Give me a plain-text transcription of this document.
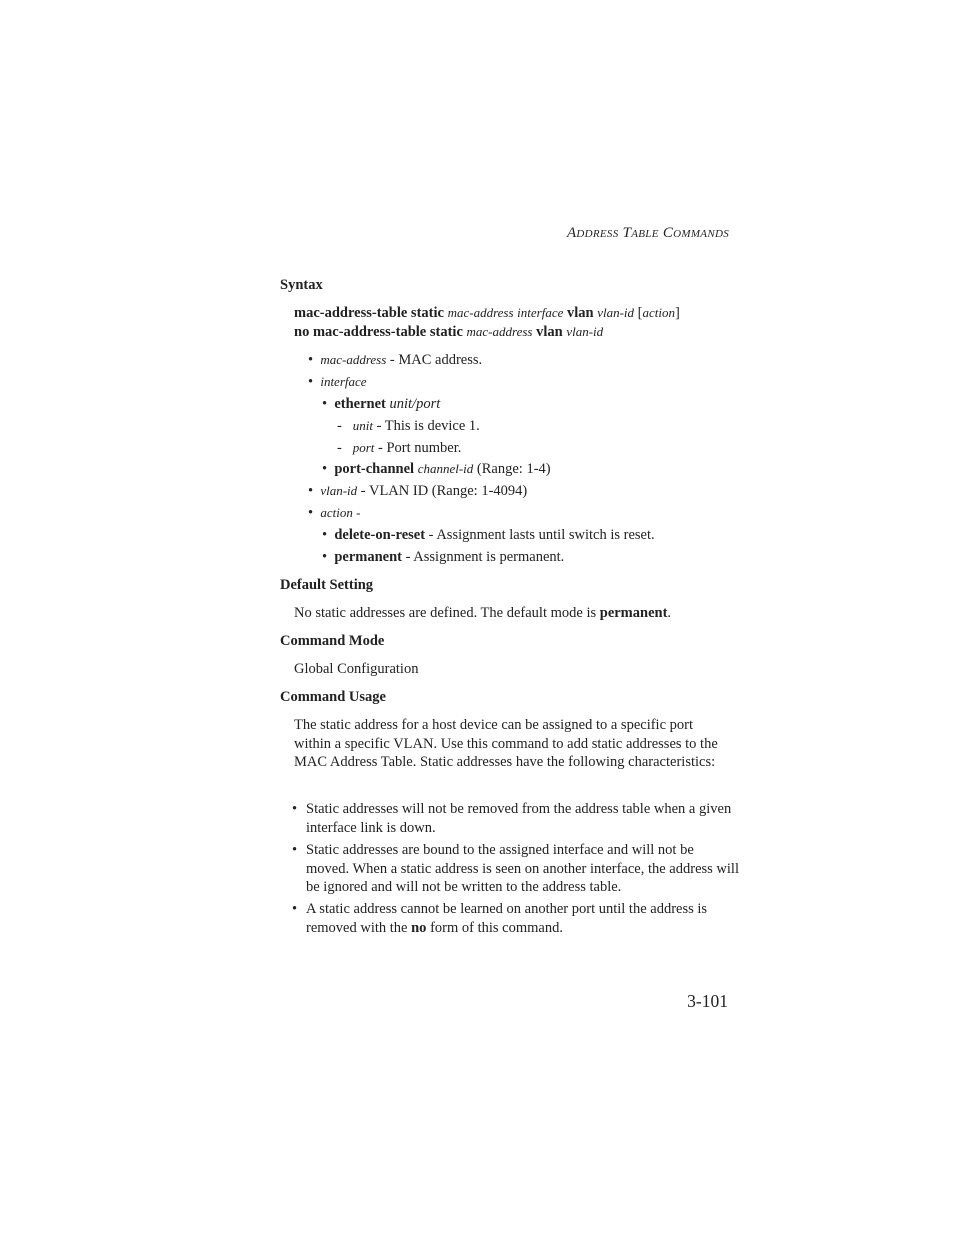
ADDRESS TABLE COMMANDS
Syntax
mac-address-table static mac-address interface vlan vlan-id [action]
no mac-address-table static mac-address vlan vlan-id
• mac-address - MAC address.
• interface
• ethernet unit/port
- unit - This is device 1.
- port - Port number.
• port-channel channel-id (Range: 1-4)
• vlan-id - VLAN ID (Range: 1-4094)
• action -
• delete-on-reset - Assignment lasts until switch is reset.
• permanent - Assignment is permanent.
Default Setting
No static addresses are defined. The default mode is permanent.
Command Mode
Global Configuration
Command Usage
The static address for a host device can be assigned to a specific port within a specific VLAN. Use this command to add static addresses to the MAC Address Table. Static addresses have the following characteristics:
• Static addresses will not be removed from the address table when a given interface link is down.
• Static addresses are bound to the assigned interface and will not be moved. When a static address is seen on another interface, the address will be ignored and will not be written to the address table.
• A static address cannot be learned on another port until the address is removed with the no form of this command.
3-101
